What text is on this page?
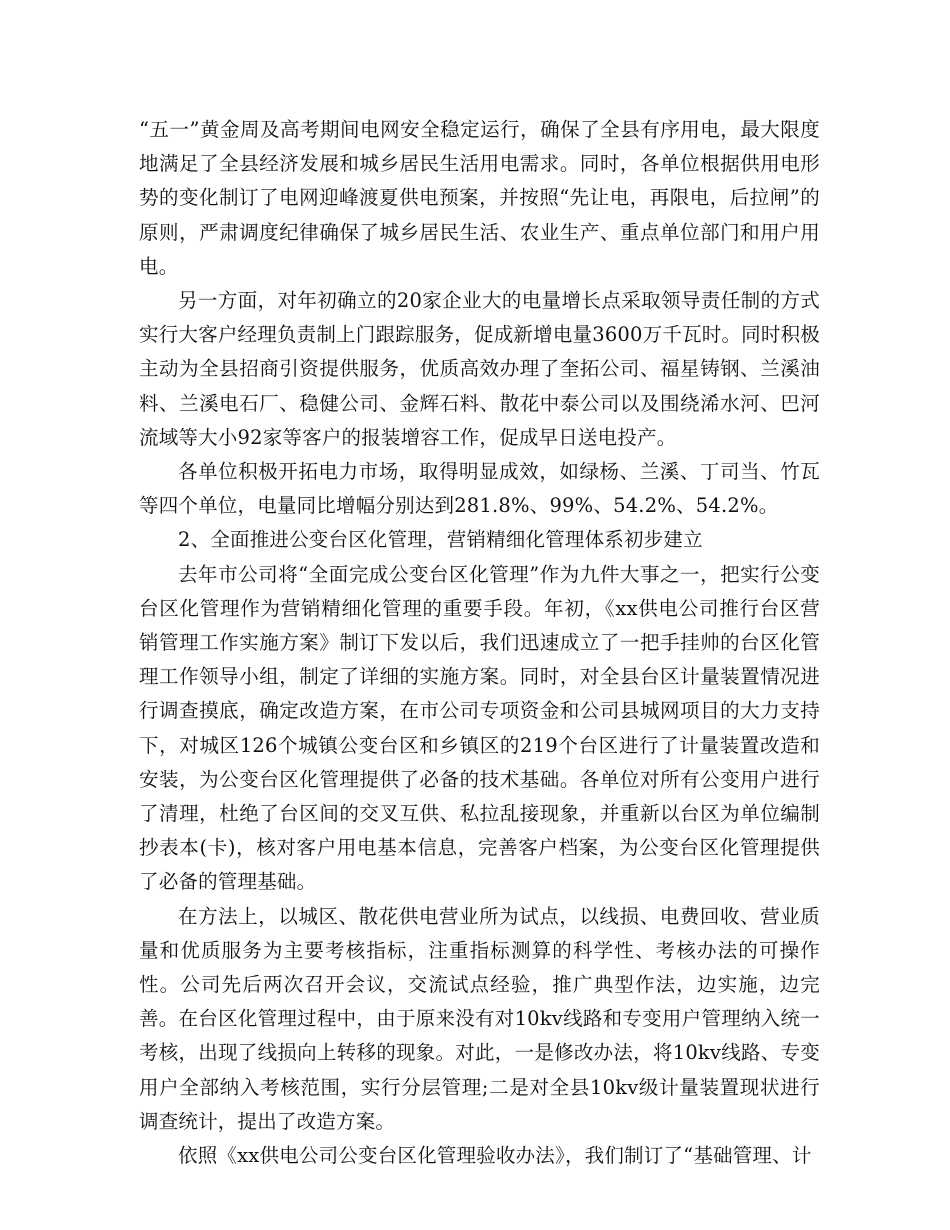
“五一”黄金周及高考期间电网安全稳定运行，确保了全县有序用电，最大限度地满足了全县经济发展和城乡居民生活用电需求。同时，各单位根据供用电形势的变化制订了电网迎峰渡夏供电预案，并按照“先让电，再限电，后拉闸”的原则，严肃调度纪律确保了城乡居民生活、农业生产、重点单位部门和用户用电。

另一方面，对年初确立的20家企业大的电量增长点采取领导责任制的方式实行大客户经理负责制上门跟踪服务，促成新增电量3600万千瓦时。同时积极主动为全县招商引资提供服务，优质高效办理了奎拓公司、福星铸钢、兰溪油料、兰溪电石厂、稳健公司、金辉石料、散花中泰公司以及围绕浠水河、巴河流域等大小92家等客户的报装增容工作，促成早日送电投产。

各单位积极开拓电力市场，取得明显成效，如绿杨、兰溪、丁司当、竹瓦等四个单位，电量同比增幅分别达到281.8%、99%、54.2%、54.2%。

2、全面推进公变台区化管理，营销精细化管理体系初步建立

去年市公司将“全面完成公变台区化管理”作为九件大事之一，把实行公变台区化管理作为营销精细化管理的重要手段。年初，《xx供电公司推行台区营销管理工作实施方案》制订下发以后，我们迅速成立了一把手挂帅的台区化管理工作领导小组，制定了详细的实施方案。同时，对全县台区计量装置情况进行调查摸底，确定改造方案，在市公司专项资金和公司县城网项目的大力支持下，对城区126个城镇公变台区和乡镇区的219个台区进行了计量装置改造和安装，为公变台区化管理提供了必备的技术基础。各单位对所有公变用户进行了清理，杜绝了台区间的交叉互供、私拉乱接现象，并重新以台区为单位编制抄表本(卡)，核对客户用电基本信息，完善客户档案，为公变台区化管理提供了必备的管理基础。

在方法上，以城区、散花供电营业所为试点，以线损、电费回收、营业质量和优质服务为主要考核指标，注重指标测算的科学性、考核办法的可操作性。公司先后两次召开会议，交流试点经验，推广典型作法，边实施，边完善。在台区化管理过程中，由于原来没有对10kv线路和专变用户管理纳入统一考核，出现了线损向上转移的现象。对此，一是修改办法，将10kv线路、专变用户全部纳入考核范围，实行分层管理;二是对全县10kv级计量装置现状进行调查统计，提出了改造方案。

依照《xx供电公司公变台区化管理验收办法》，我们制订了“基础管理、计
